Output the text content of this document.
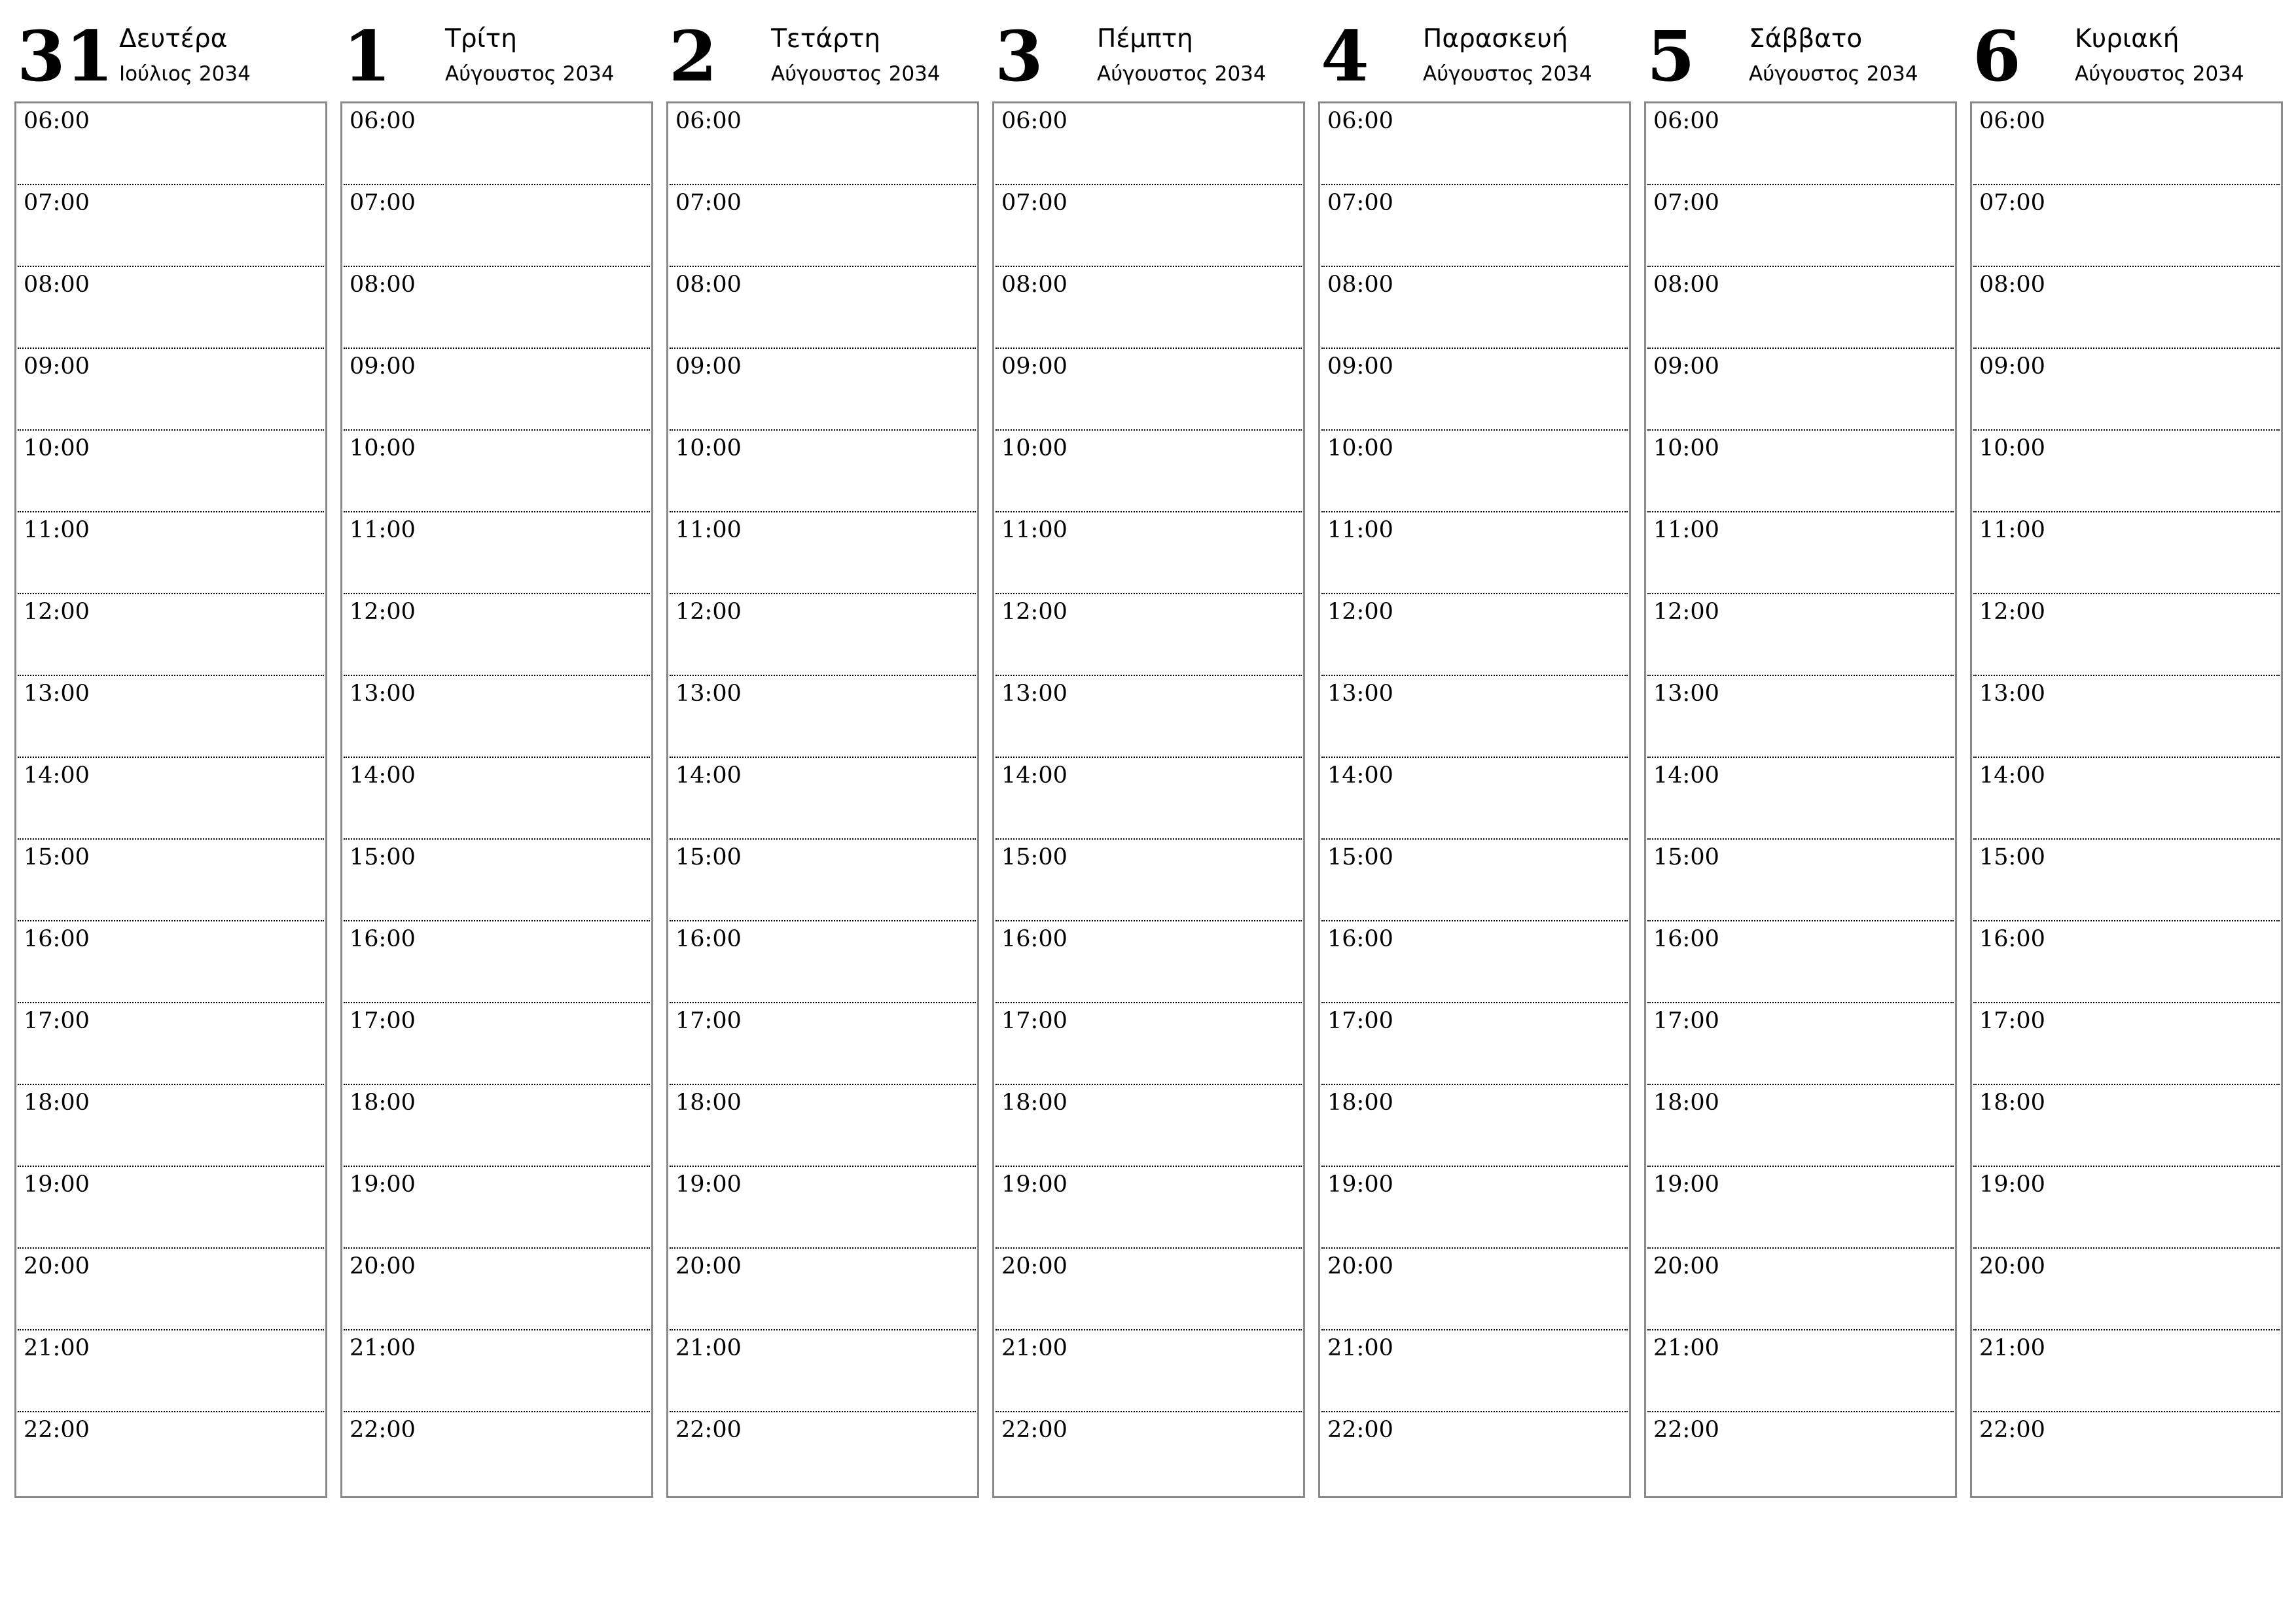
31 Δευτέρα
Ιούλιος 2034
06:00
07:00
08:00
09:00
10:00
11:00
12:00
13:00
14:00
15:00
16:00
17:00
18:00
19:00
20:00
21:00
22:00
1 Τρίτη
Αύγουστος 2034
06:00
07:00
08:00
09:00
10:00
11:00
12:00
13:00
14:00
15:00
16:00
17:00
18:00
19:00
20:00
21:00
22:00
2 Τετάρτη
Αύγουστος 2034
06:00
07:00
08:00
09:00
10:00
11:00
12:00
13:00
14:00
15:00
16:00
17:00
18:00
19:00
20:00
21:00
22:00
3 Πέμπτη
Αύγουστος 2034
06:00
07:00
08:00
09:00
10:00
11:00
12:00
13:00
14:00
15:00
16:00
17:00
18:00
19:00
20:00
21:00
22:00
4 Παρασκευή
Αύγουστος 2034
06:00
07:00
08:00
09:00
10:00
11:00
12:00
13:00
14:00
15:00
16:00
17:00
18:00
19:00
20:00
21:00
22:00
5 Σάββατο
Αύγουστος 2034
06:00
07:00
08:00
09:00
10:00
11:00
12:00
13:00
14:00
15:00
16:00
17:00
18:00
19:00
20:00
21:00
22:00
6 Κυριακή
Αύγουστος 2034
06:00
07:00
08:00
09:00
10:00
11:00
12:00
13:00
14:00
15:00
16:00
17:00
18:00
19:00
20:00
21:00
22:00
